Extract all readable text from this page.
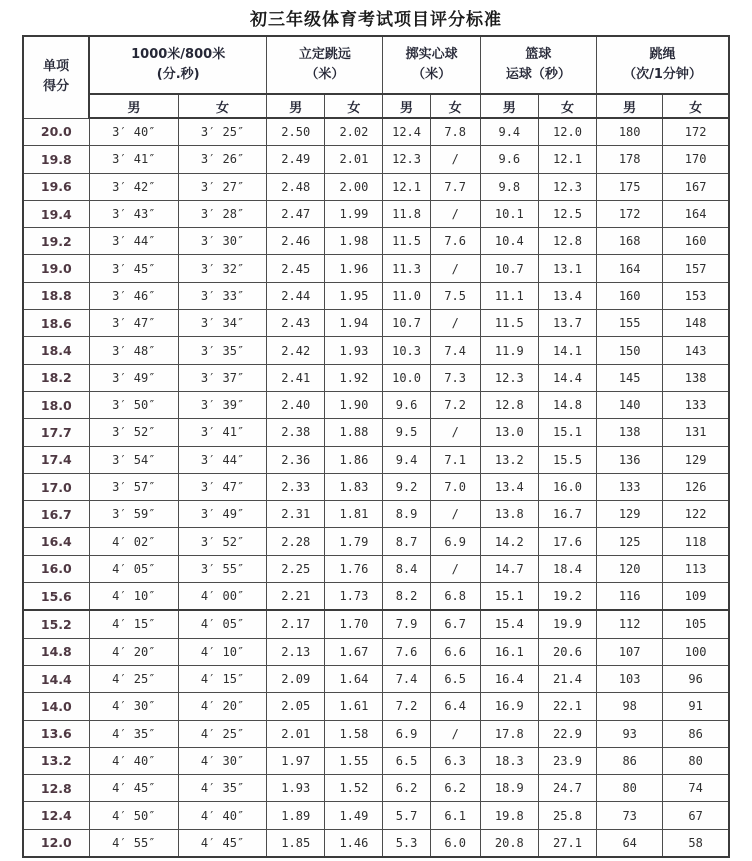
初三年级体育考试项目评分标准
单项
得分

1000米/800米
(分.秒)

立定跳远
（米）

掷实心球
（米）

篮球
运球（秒）

跳绳
（次/1分钟）

	男	女	男	女	男	女	男	女	男	女
20.0	3′ 40″	3′ 25″	2.50	2.02	12.4	7.8	9.4	12.0	180	172
19.8	3′ 41″	3′ 26″	2.49	2.01	12.3	/	9.6	12.1	178	170
19.6	3′ 42″	3′ 27″	2.48	2.00	12.1	7.7	9.8	12.3	175	167
19.4	3′ 43″	3′ 28″	2.47	1.99	11.8	/	10.1	12.5	172	164
19.2	3′ 44″	3′ 30″	2.46	1.98	11.5	7.6	10.4	12.8	168	160
19.0	3′ 45″	3′ 32″	2.45	1.96	11.3	/	10.7	13.1	164	157
18.8	3′ 46″	3′ 33″	2.44	1.95	11.0	7.5	11.1	13.4	160	153
18.6	3′ 47″	3′ 34″	2.43	1.94	10.7	/	11.5	13.7	155	148
18.4	3′ 48″	3′ 35″	2.42	1.93	10.3	7.4	11.9	14.1	150	143
18.2	3′ 49″	3′ 37″	2.41	1.92	10.0	7.3	12.3	14.4	145	138
18.0	3′ 50″	3′ 39″	2.40	1.90	9.6	7.2	12.8	14.8	140	133
17.7	3′ 52″	3′ 41″	2.38	1.88	9.5	/	13.0	15.1	138	131
17.4	3′ 54″	3′ 44″	2.36	1.86	9.4	7.1	13.2	15.5	136	129
17.0	3′ 57″	3′ 47″	2.33	1.83	9.2	7.0	13.4	16.0	133	126
16.7	3′ 59″	3′ 49″	2.31	1.81	8.9	/	13.8	16.7	129	122
16.4	4′ 02″	3′ 52″	2.28	1.79	8.7	6.9	14.2	17.6	125	118
16.0	4′ 05″	3′ 55″	2.25	1.76	8.4	/	14.7	18.4	120	113
15.6	4′ 10″	4′ 00″	2.21	1.73	8.2	6.8	15.1	19.2	116	109
15.2	4′ 15″	4′ 05″	2.17	1.70	7.9	6.7	15.4	19.9	112	105
14.8	4′ 20″	4′ 10″	2.13	1.67	7.6	6.6	16.1	20.6	107	100
14.4	4′ 25″	4′ 15″	2.09	1.64	7.4	6.5	16.4	21.4	103	96
14.0	4′ 30″	4′ 20″	2.05	1.61	7.2	6.4	16.9	22.1	98	91
13.6	4′ 35″	4′ 25″	2.01	1.58	6.9	/	17.8	22.9	93	86
13.2	4′ 40″	4′ 30″	1.97	1.55	6.5	6.3	18.3	23.9	86	80
12.8	4′ 45″	4′ 35″	1.93	1.52	6.2	6.2	18.9	24.7	80	74
12.4	4′ 50″	4′ 40″	1.89	1.49	5.7	6.1	19.8	25.8	73	67
12.0	4′ 55″	4′ 45″	1.85	1.46	5.3	6.0	20.8	27.1	64	58
